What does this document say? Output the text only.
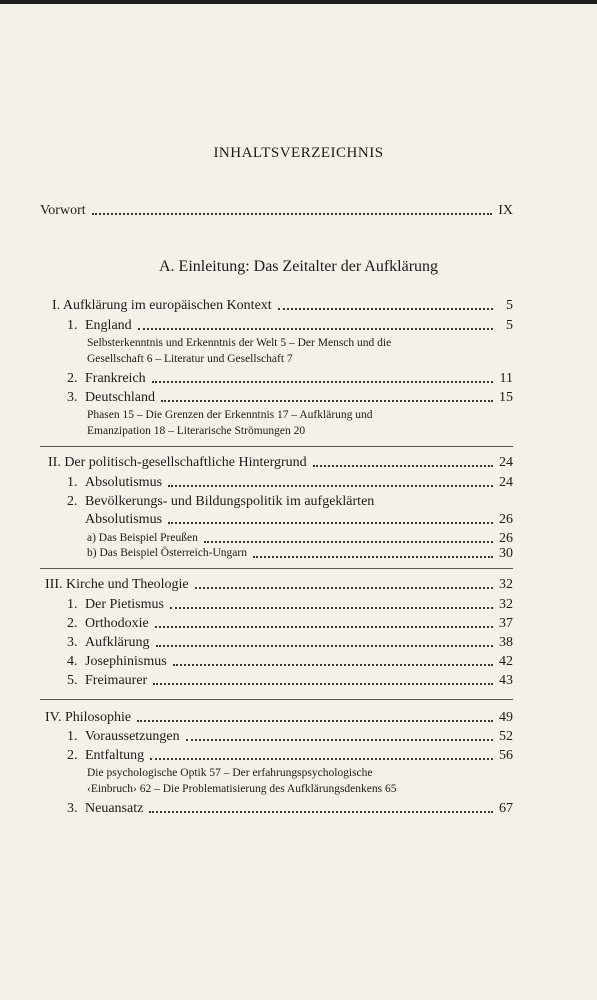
INHALTSVERZEICHNIS
Vorwort	IX
A. Einleitung: Das Zeitalter der Aufklärung
I. Aufklärung im europäischen Kontext	5
1. England	5
Selbsterkenntnis und Erkenntnis der Welt 5 – Der Mensch und die
Gesellschaft 6 – Literatur und Gesellschaft 7
2. Frankreich	11
3. Deutschland	15
Phasen 15 – Die Grenzen der Erkenntnis 17 – Aufklärung und
Emanzipation 18 – Literarische Strömungen 20
II. Der politisch-gesellschaftliche Hintergrund	24
1. Absolutismus	24
2. Bevölkerungs- und Bildungspolitik im aufgeklärten
Absolutismus	26
a) Das Beispiel Preußen	26
b) Das Beispiel Österreich-Ungarn	30
III. Kirche und Theologie	32
1. Der Pietismus	32
2. Orthodoxie	37
3. Aufklärung	38
4. Josephinismus	42
5. Freimaurer	43
IV. Philosophie	49
1. Voraussetzungen	52
2. Entfaltung	56
Die psychologische Optik 57 – Der erfahrungspsychologische
‹Einbruch› 62 – Die Problematisierung des Aufklärungsdenkens 65
3. Neuansatz	67
